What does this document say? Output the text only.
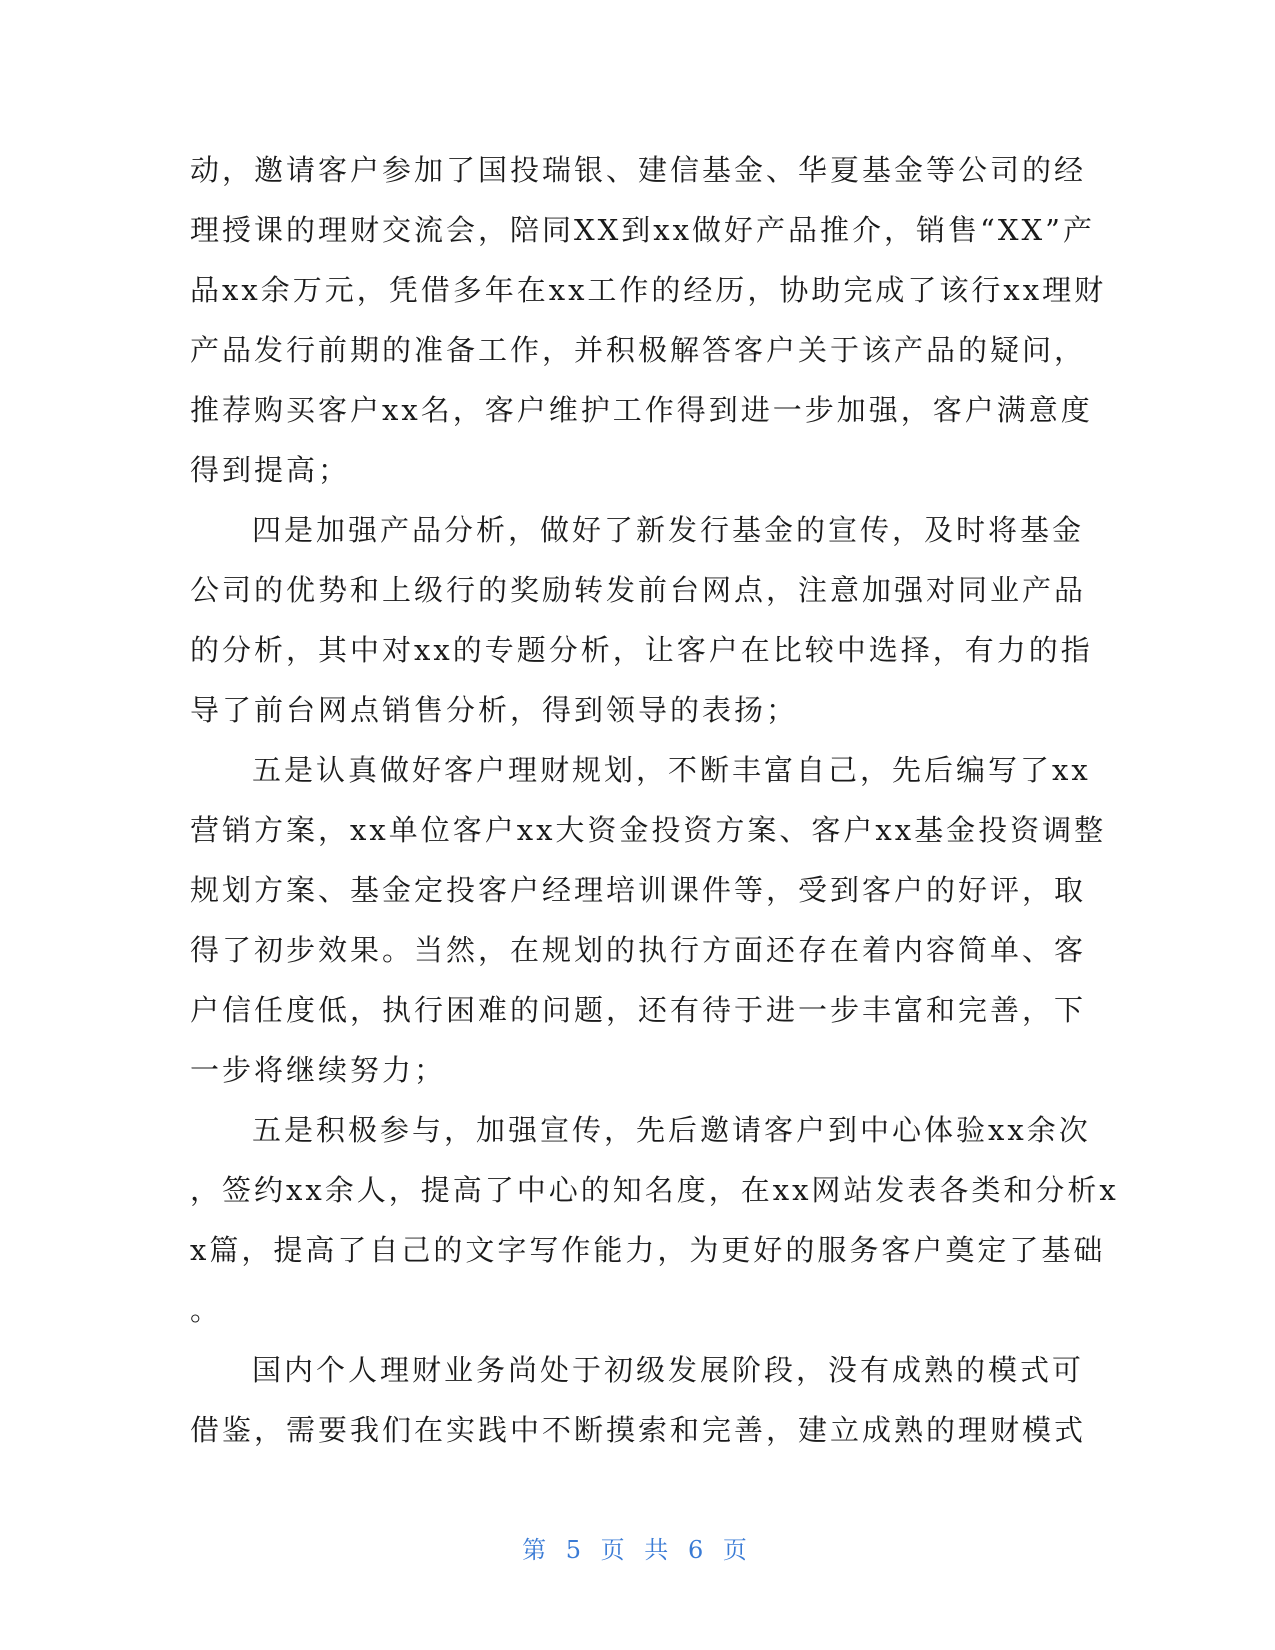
动，邀请客户参加了国投瑞银、建信基金、华夏基金等公司的经
理授课的理财交流会，陪同XX到xx做好产品推介，销售“XX”产
品xx余万元，凭借多年在xx工作的经历，协助完成了该行xx理财
产品发行前期的准备工作，并积极解答客户关于该产品的疑问，
推荐购买客户xx名，客户维护工作得到进一步加强，客户满意度
得到提高；
四是加强产品分析，做好了新发行基金的宣传，及时将基金
公司的优势和上级行的奖励转发前台网点，注意加强对同业产品
的分析，其中对xx的专题分析，让客户在比较中选择，有力的指
导了前台网点销售分析，得到领导的表扬；
五是认真做好客户理财规划，不断丰富自己，先后编写了xx
营销方案，xx单位客户xx大资金投资方案、客户xx基金投资调整
规划方案、基金定投客户经理培训课件等，受到客户的好评，取
得了初步效果。当然，在规划的执行方面还存在着内容简单、客
户信任度低，执行困难的问题，还有待于进一步丰富和完善，下
一步将继续努力；
五是积极参与，加强宣传，先后邀请客户到中心体验xx余次
，签约xx余人，提高了中心的知名度，在xx网站发表各类和分析x
x篇，提高了自己的文字写作能力，为更好的服务客户奠定了基础
。
国内个人理财业务尚处于初级发展阶段，没有成熟的模式可
借鉴，需要我们在实践中不断摸索和完善，建立成熟的理财模式
第 5 页 共 6 页
